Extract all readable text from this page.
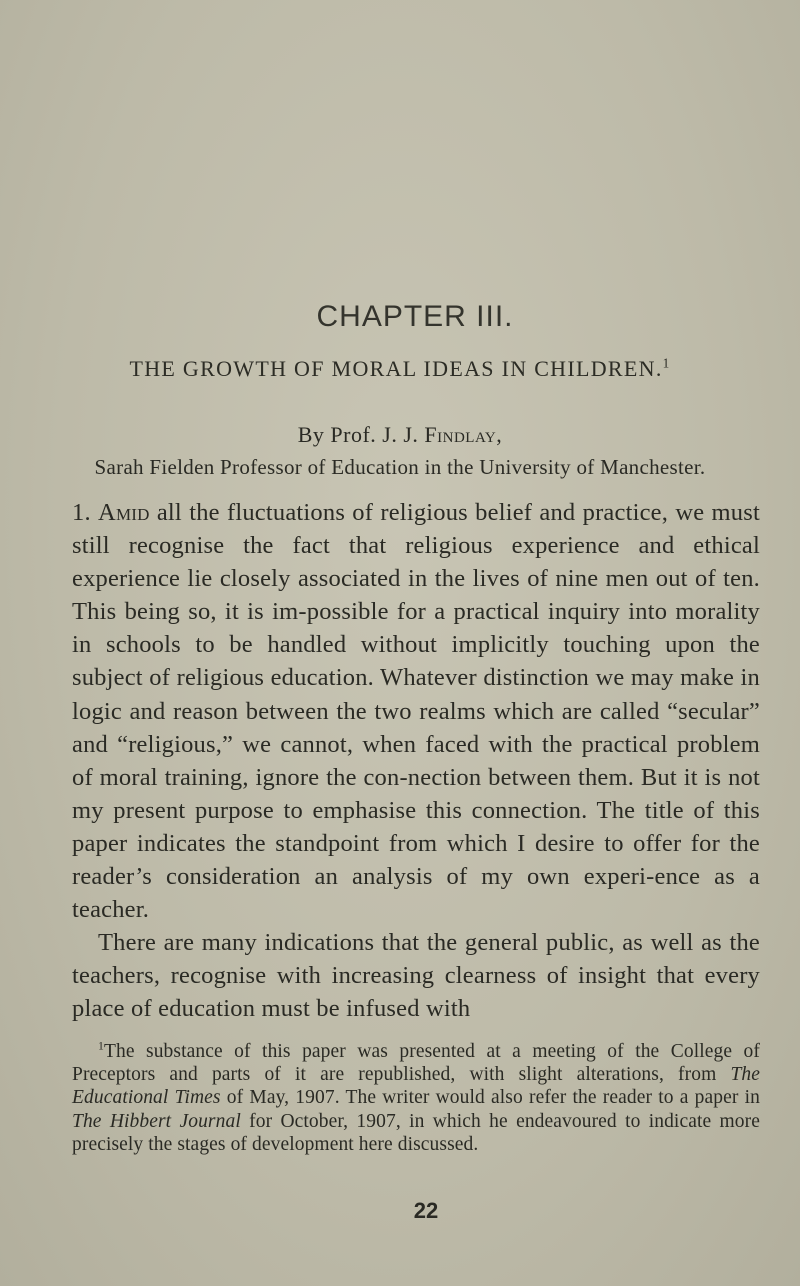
CHAPTER III.
THE GROWTH OF MORAL IDEAS IN CHILDREN.$^1$
By Prof. J. J. Findlay,
Sarah Fielden Professor of Education in the University of Manchester.

1. Amid all the fluctuations of religious belief and practice, we must still recognise the fact that religious experience and ethical experience lie closely associated in the lives of nine men out of ten. This being so, it is im-possible for a practical inquiry into morality in schools to be handled without implicitly touching upon the subject of religious education. Whatever distinction we may make in logic and reason between the two realms which are called “secular” and “religious,” we cannot, when faced with the practical problem of moral training, ignore the con-nection between them. But it is not my present purpose to emphasise this connection. The title of this paper indicates the standpoint from which I desire to offer for the reader’s consideration an analysis of my own experi-ence as a teacher.

There are many indications that the general public, as well as the teachers, recognise with increasing clearness of insight that every place of education must be infused with

$^1$The substance of this paper was presented at a meeting of the College of Preceptors and parts of it are republished, with slight alterations, from The Educational Times of May, 1907. The writer would also refer the reader to a paper in The Hibbert Journal for October, 1907, in which he endeavoured to indicate more precisely the stages of development here discussed.

22
